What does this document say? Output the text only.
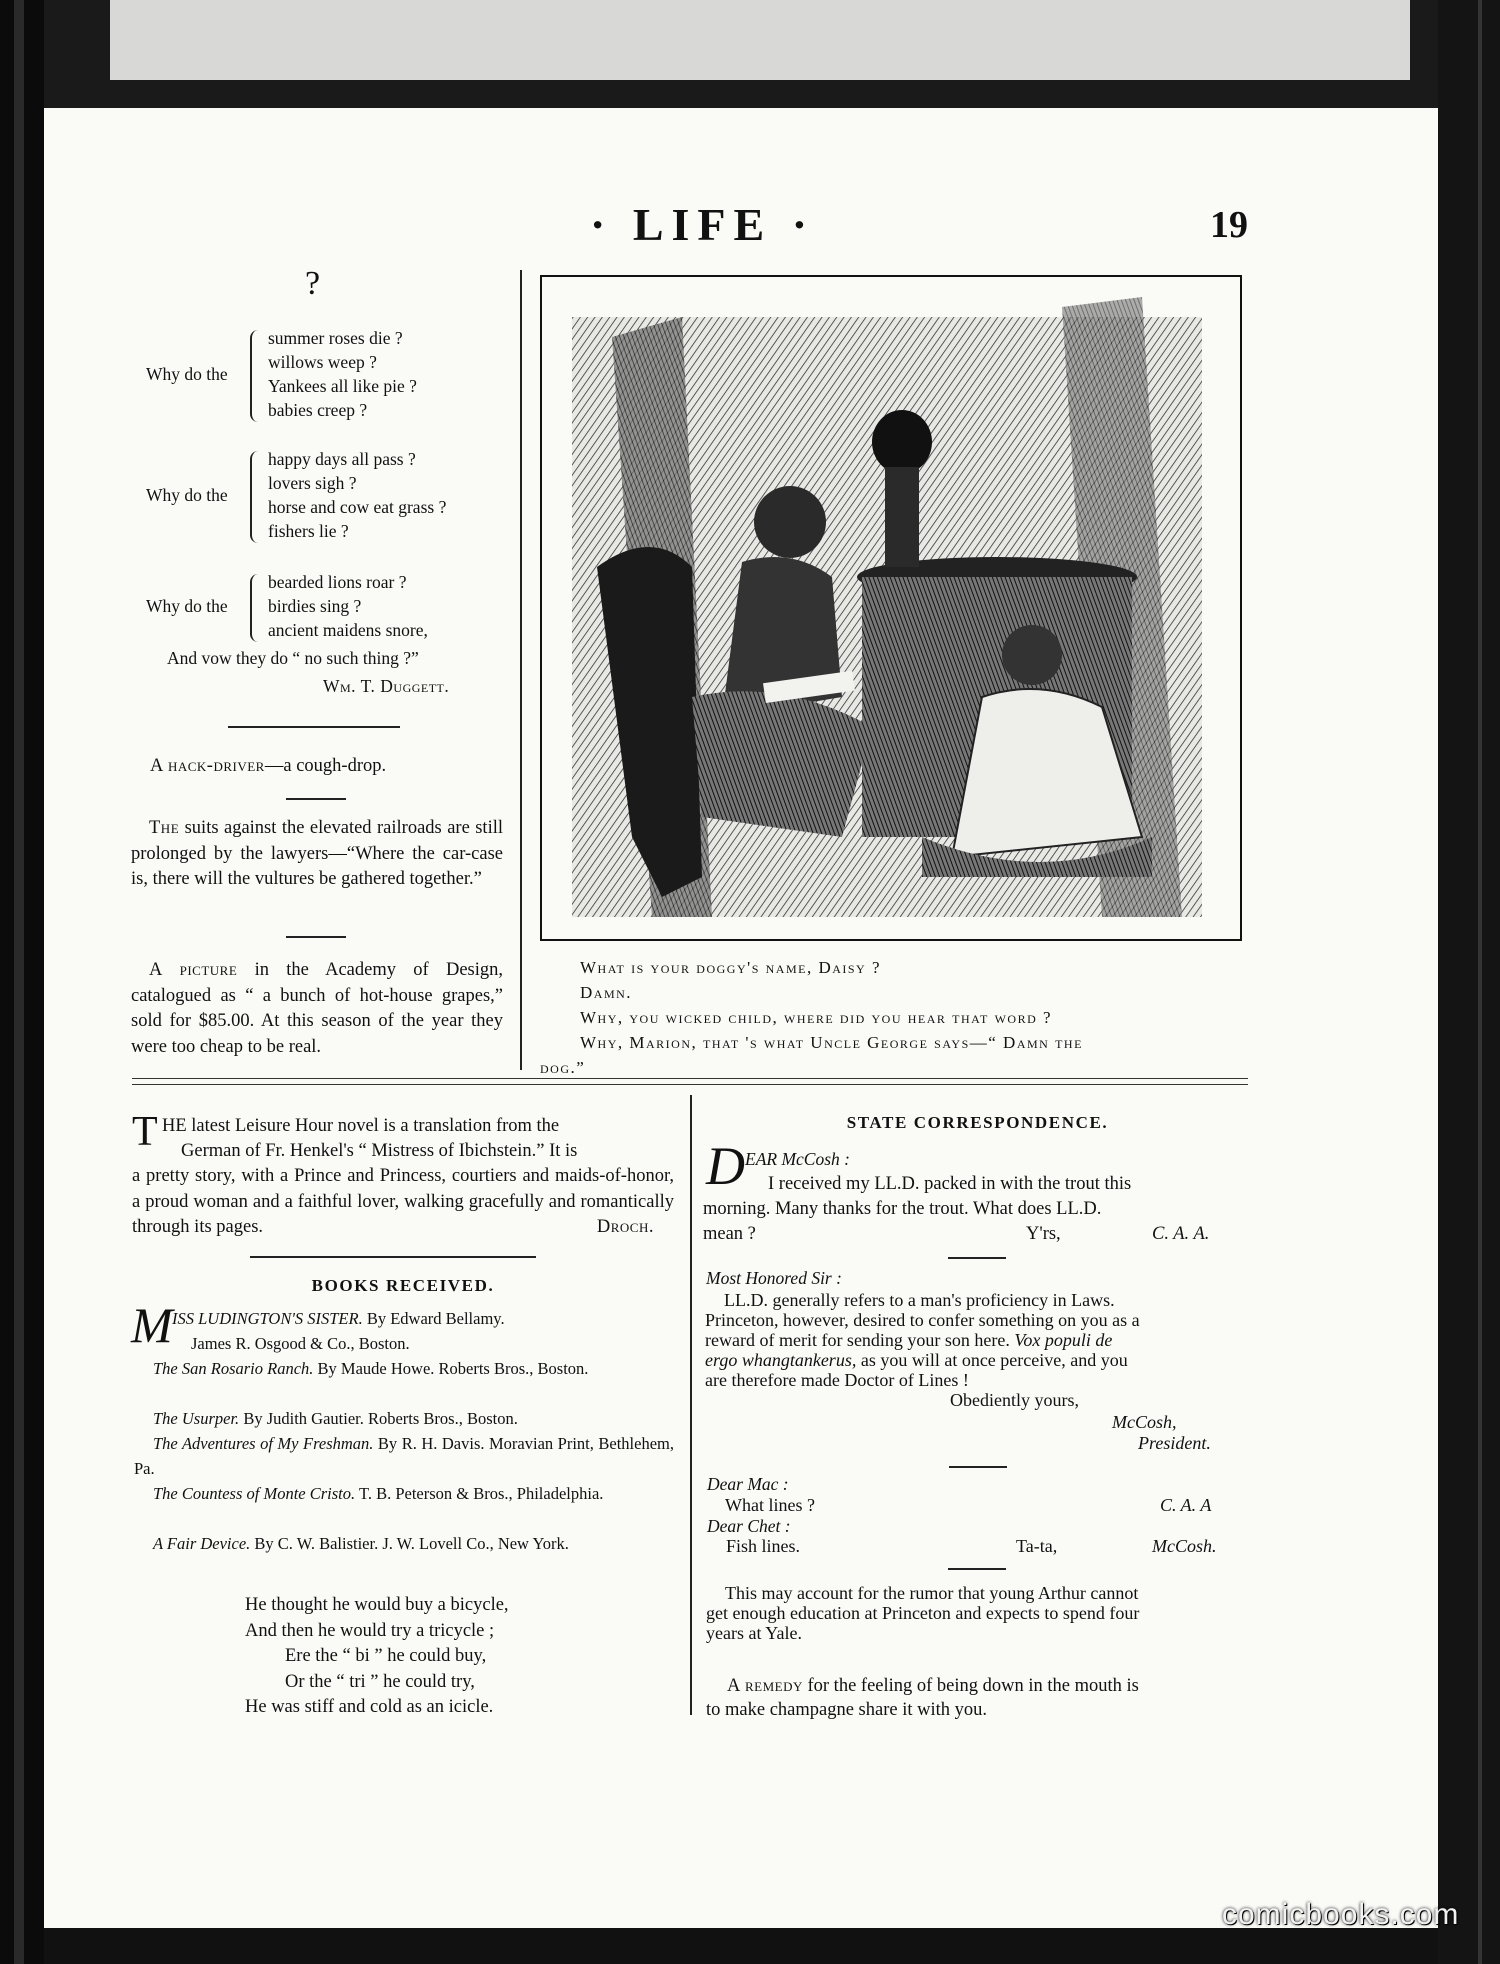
· LIFE ·	19
?
Why do the
summer roses die ?
willows weep ?
Yankees all like pie ?
babies creep ?
Why do the
happy days all pass ?
lovers sigh ?
horse and cow eat grass ?
fishers lie ?
Why do the
bearded lions roar ?
birdies sing ?
ancient maidens snore,
And vow they do “ no such thing ?”
Wm. T. Duggett.
A hack-driver—a cough-drop.
The suits against the elevated railroads are still prolonged by the lawyers—“Where the car-case is, there will the vultures be gathered together.”
A picture in the Academy of Design, catalogued as “ a bunch of hot-house grapes,” sold for $85.00. At this season of the year they were too cheap to be real.
What is your doggy's name, Daisy ?
Damn.
Why, you wicked child, where did you hear that word ?
Why, Marion, that 's what Uncle George says—“ Damn the
dog.”
T HE latest Leisure Hour novel is a translation from the
German of Fr. Henkel's “ Mistress of Ibichstein.” It is
a pretty story, with a Prince and Princess, courtiers and maids-of-honor, a proud woman and a faithful lover, walking gracefully and romantically through its pages.	Droch.
BOOKS RECEIVED.
M ISS LUDINGTON'S SISTER. By Edward Bellamy.
James R. Osgood & Co., Boston.
The San Rosario Ranch. By Maude Howe. Roberts Bros., Boston.
The Usurper. By Judith Gautier. Roberts Bros., Boston.
The Adventures of My Freshman. By R. H. Davis. Moravian Print, Bethlehem, Pa.
The Countess of Monte Cristo. T. B. Peterson & Bros., Philadelphia.
A Fair Device. By C. W. Balistier. J. W. Lovell Co., New York.
He thought he would buy a bicycle,
And then he would try a tricycle ;
Ere the “ bi ” he could buy,
Or the “ tri ” he could try,
He was stiff and cold as an icicle.
STATE CORRESPONDENCE.
D EAR McCosh :
I received my LL.D. packed in with the trout this
morning. Many thanks for the trout. What does LL.D.
mean ?	Y'rs,	C. A. A.
Most Honored Sir :
LL.D. generally refers to a man's proficiency in Laws.
Princeton, however, desired to confer something on you as a
reward of merit for sending your son here. Vox populi de
ergo whangtankerus, as you will at once perceive, and you
are therefore made Doctor of Lines !
Obediently yours,
McCosh,
President.
Dear Mac :
What lines ?	C. A. A
Dear Chet :
Fish lines.	Ta-ta,	McCosh.
This may account for the rumor that young Arthur cannot
get enough education at Princeton and expects to spend four
years at Yale.
A remedy for the feeling of being down in the mouth is
to make champagne share it with you.
comicbooks.com
